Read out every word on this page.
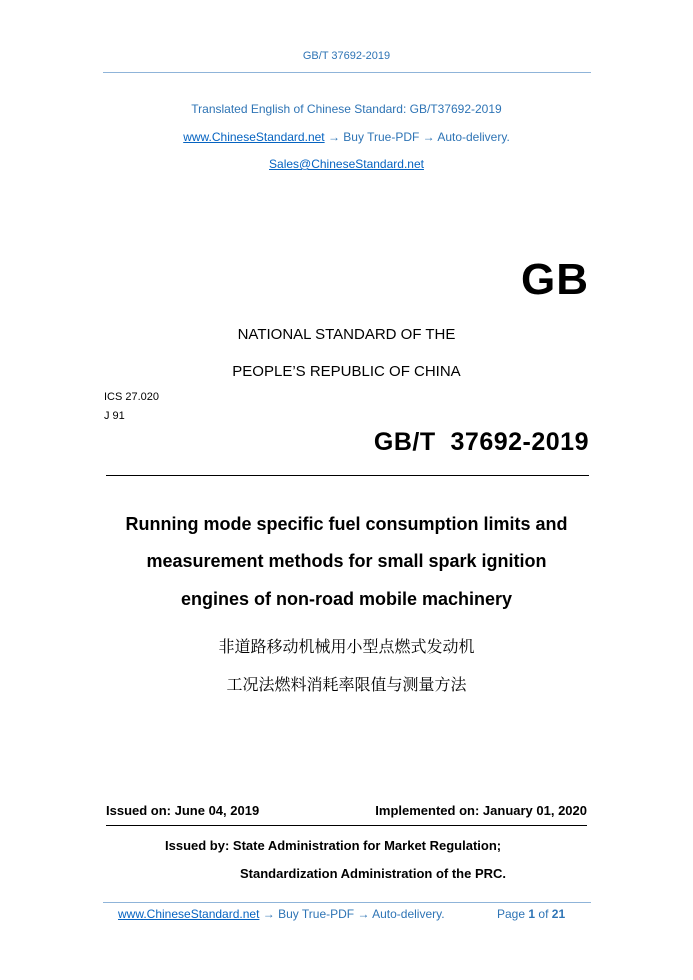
GB/T 37692-2019
Translated English of Chinese Standard: GB/T37692-2019
www.ChineseStandard.net → Buy True-PDF → Auto-delivery.
Sales@ChineseStandard.net
GB
NATIONAL STANDARD OF THE
PEOPLE’S REPUBLIC OF CHINA
ICS 27.020
J 91
GB/T  37692-2019
Running mode specific fuel consumption limits and
measurement methods for small spark ignition
engines of non-road mobile machinery
非道路移动机械用小型点燃式发动机
工况法燃料消耗率限值与测量方法
Issued on: June 04, 2019	Implemented on: January 01, 2020
Issued by: State Administration for Market Regulation;
Standardization Administration of the PRC.
www.ChineseStandard.net → Buy True-PDF → Auto-delivery.	Page 1 of 21
